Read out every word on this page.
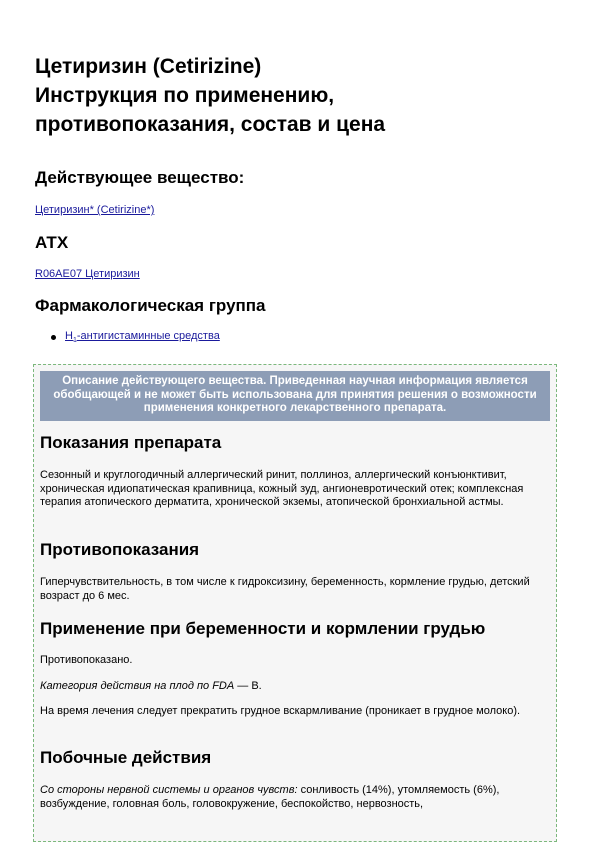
Цетиризин (Cetirizine)
Инструкция по применению,
противопоказания, состав и цена
Действующее вещество:
Цетиризин* (Cetirizine*)
АТХ
R06AE07 Цетиризин
Фармакологическая группа
$H_1$-антигистаминные средства
Описание действующего вещества. Приведенная научная информация является обобщающей и не может быть использована для принятия решения о возможности применения конкретного лекарственного препарата.
Показания препарата

Сезонный и круглогодичный аллергический ринит, поллиноз, аллергический конъюнктивит, хроническая идиопатическая крапивница, кожный зуд, ангионевротический отек; комплексная терапия атопического дерматита, хронической экземы, атопической бронхиальной астмы.

Противопоказания

Гиперчувствительность, в том числе к гидроксизину, беременность, кормление грудью, детский возраст до 6 мес.

Применение при беременности и кормлении грудью

Противопоказано.

Категория действия на плод по FDA — B.

На время лечения следует прекратить грудное вскармливание (проникает в грудное молоко).

Побочные действия

Со стороны нервной системы и органов чувств: сонливость (14%), утомляемость (6%), возбуждение, головная боль, головокружение, беспокойство, нервозность,
